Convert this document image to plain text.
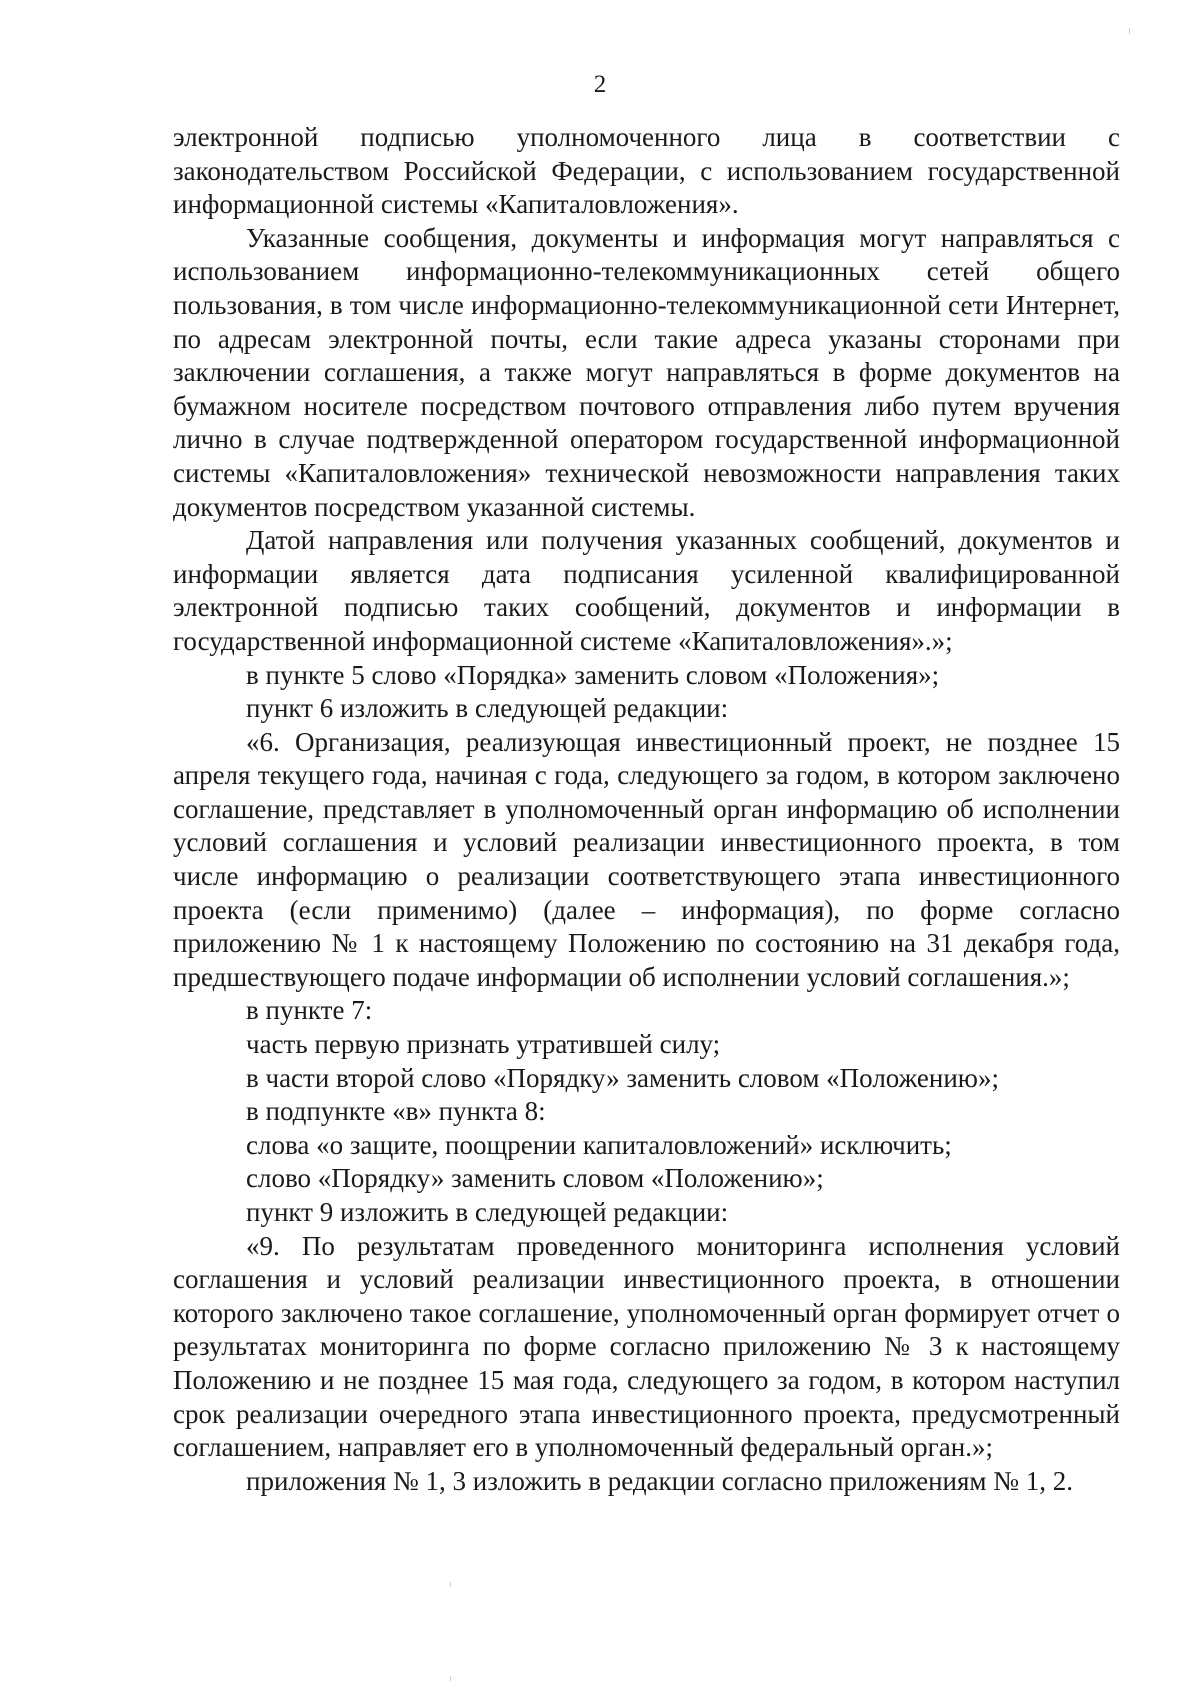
2

электронной подписью уполномоченного лица в соответствии с законодательством Российской Федерации, с использованием государственной информационной системы «Капиталовложения».

Указанные сообщения, документы и информация могут направляться с использованием информационно-телекоммуникационных сетей общего пользования, в том числе информационно-телекоммуникационной сети Интернет, по адресам электронной почты, если такие адреса указаны сторонами при заключении соглашения, а также могут направляться в форме документов на бумажном носителе посредством почтового отправления либо путем вручения лично в случае подтвержденной оператором государственной информационной системы «Капиталовложения» технической невозможности направления таких документов посредством указанной системы.

Датой направления или получения указанных сообщений, документов и информации является дата подписания усиленной квалифицированной электронной подписью таких сообщений, документов и информации в государственной информационной системе «Капиталовложения».»;

в пункте 5 слово «Порядка» заменить словом «Положения»;

пункт 6 изложить в следующей редакции:

«6. Организация, реализующая инвестиционный проект, не позднее 15 апреля текущего года, начиная с года, следующего за годом, в котором заключено соглашение, представляет в уполномоченный орган информацию об исполнении условий соглашения и условий реализации инвестиционного проекта, в том числе информацию о реализации соответствующего этапа инвестиционного проекта (если применимо) (далее – информация), по форме согласно приложению № 1 к настоящему Положению по состоянию на 31 декабря года, предшествующего подаче информации об исполнении условий соглашения.»;

в пункте 7:

часть первую признать утратившей силу;

в части второй слово «Порядку» заменить словом «Положению»;

в подпункте «в» пункта 8:

слова «о защите, поощрении капиталовложений» исключить;

слово «Порядку» заменить словом «Положению»;

пункт 9 изложить в следующей редакции:

«9. По результатам проведенного мониторинга исполнения условий соглашения и условий реализации инвестиционного проекта, в отношении которого заключено такое соглашение, уполномоченный орган формирует отчет о результатах мониторинга по форме согласно приложению № 3 к настоящему Положению и не позднее 15 мая года, следующего за годом, в котором наступил срок реализации очередного этапа инвестиционного проекта, предусмотренный соглашением, направляет его в уполномоченный федеральный орган.»;

приложения № 1, 3 изложить в редакции согласно приложениям № 1, 2.
